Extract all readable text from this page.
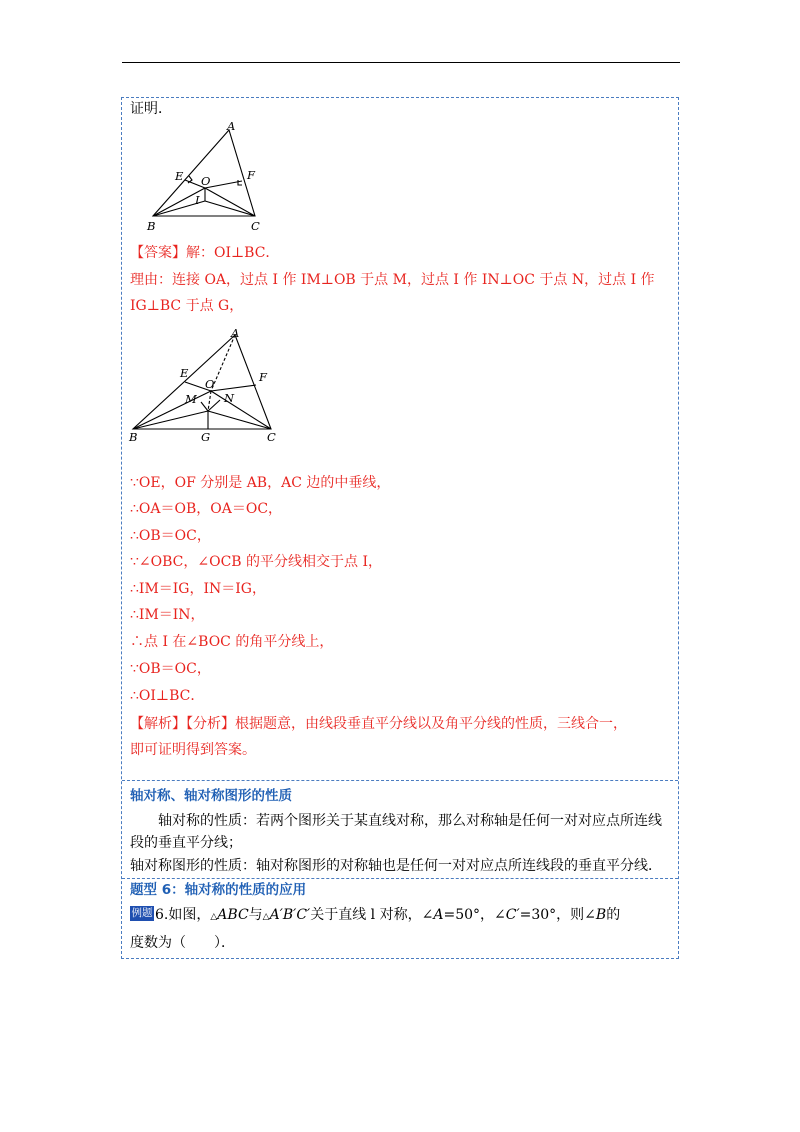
证明．
A
E	F
O
I
B	C
【答案】解：OI⊥BC．
理由：连接 OA，过点 I 作 IM⊥OB 于点 M，过点 I 作 IN⊥OC 于点 N，过点 I 作
IG⊥BC 于点 G，
A
E	F
O
M N
B	G	C
∵OE，OF 分别是 AB，AC 边的中垂线，
∴OA＝OB，OA＝OC，
∴OB＝OC，
∵∠OBC，∠OCB 的平分线相交于点 I，
∴IM＝IG，IN＝IG，
∴IM＝IN，
∴点 I 在∠BOC 的角平分线上，
∵OB＝OC，
∴OI⊥BC．
【解析】【分析】根据题意，由线段垂直平分线以及角平分线的性质，三线合一，
即可证明得到答案。
轴对称、轴对称图形的性质
轴对称的性质：若两个图形关于某直线对称，那么对称轴是任何一对对应点所连线
段的垂直平分线；
轴对称图形的性质：轴对称图形的对称轴也是任何一对对应点所连线段的垂直平分线．
题型 6：轴对称的性质的应用
例题 6.如图，△ABC与△A′B′C′关于直线 l 对称，∠A=50°，∠C′=30°，则∠B的
度数为（　　）．
